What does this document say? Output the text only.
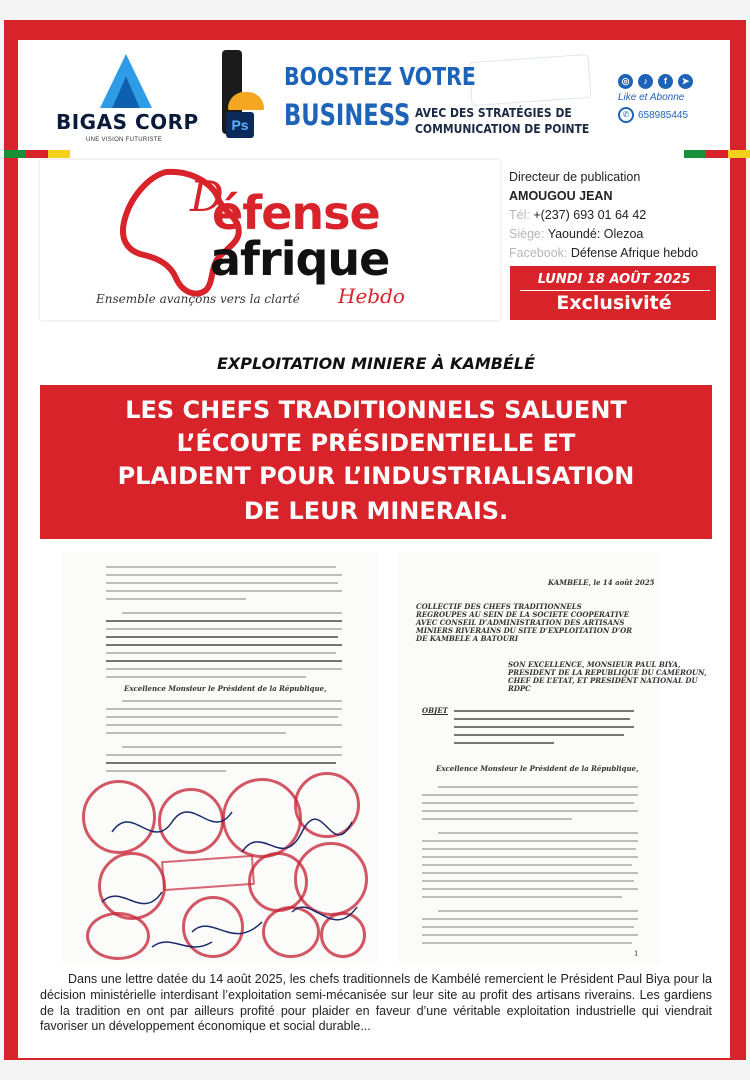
BIGAS CORP
UNE VISION FUTURISTE
Ps
BOOSTEZ VOTRE
BUSINESS AVEC DES STRATÉGIES DE
COMMUNICATION DE POINTE
◎	♪	f	➤
Like et Abonne
✆ 658985445
D
éfense
afrique
Ensemble avançons vers la clarté Hebdo
Directeur de publication
AMOUGOU JEAN
Tél: +(237) 693 01 64 42
Siège: Yaoundé: Olezoa
Facebook: Défense Afrique hebdo
LUNDI 18 AOÛT 2025
Exclusivité
EXPLOITATION MINIERE À KAMBÉLÉ
LES CHEFS TRADITIONNELS SALUENT
L’ÉCOUTE PRÉSIDENTIELLE ET
PLAIDENT POUR L’INDUSTRIALISATION
DE LEUR MINERAIS.
Excellence Monsieur le Président de la République,
KAMBELE, le 14 août 2025
COLLECTIF DES CHEFS TRADITIONNELS
REGROUPES AU SEIN DE LA SOCIETE COOPERATIVE
AVEC CONSEIL D’ADMINISTRATION DES ARTISANS
MINIERS RIVERAINS DU SITE D’EXPLOITATION D’OR
DE KAMBELE A BATOURI
SON EXCELLENCE, MONSIEUR PAUL BIYA,
PRESIDENT DE LA REPUBLIQUE DU CAMEROUN,
CHEF DE L’ETAT, ET PRESIDENT NATIONAL DU
RDPC
OBJET
Excellence Monsieur le Président de la République,
1
Dans une lettre datée du 14 août 2025, les chefs traditionnels de Kambélé remercient le Président Paul Biya pour la décision ministérielle interdisant l’exploitation semi-mécanisée sur leur site au profit des artisans riverains. Les gardiens de la tradition en ont par ailleurs profité pour plaider en faveur d’une véritable exploitation industrielle qui viendrait favoriser un développement économique et social durable...
